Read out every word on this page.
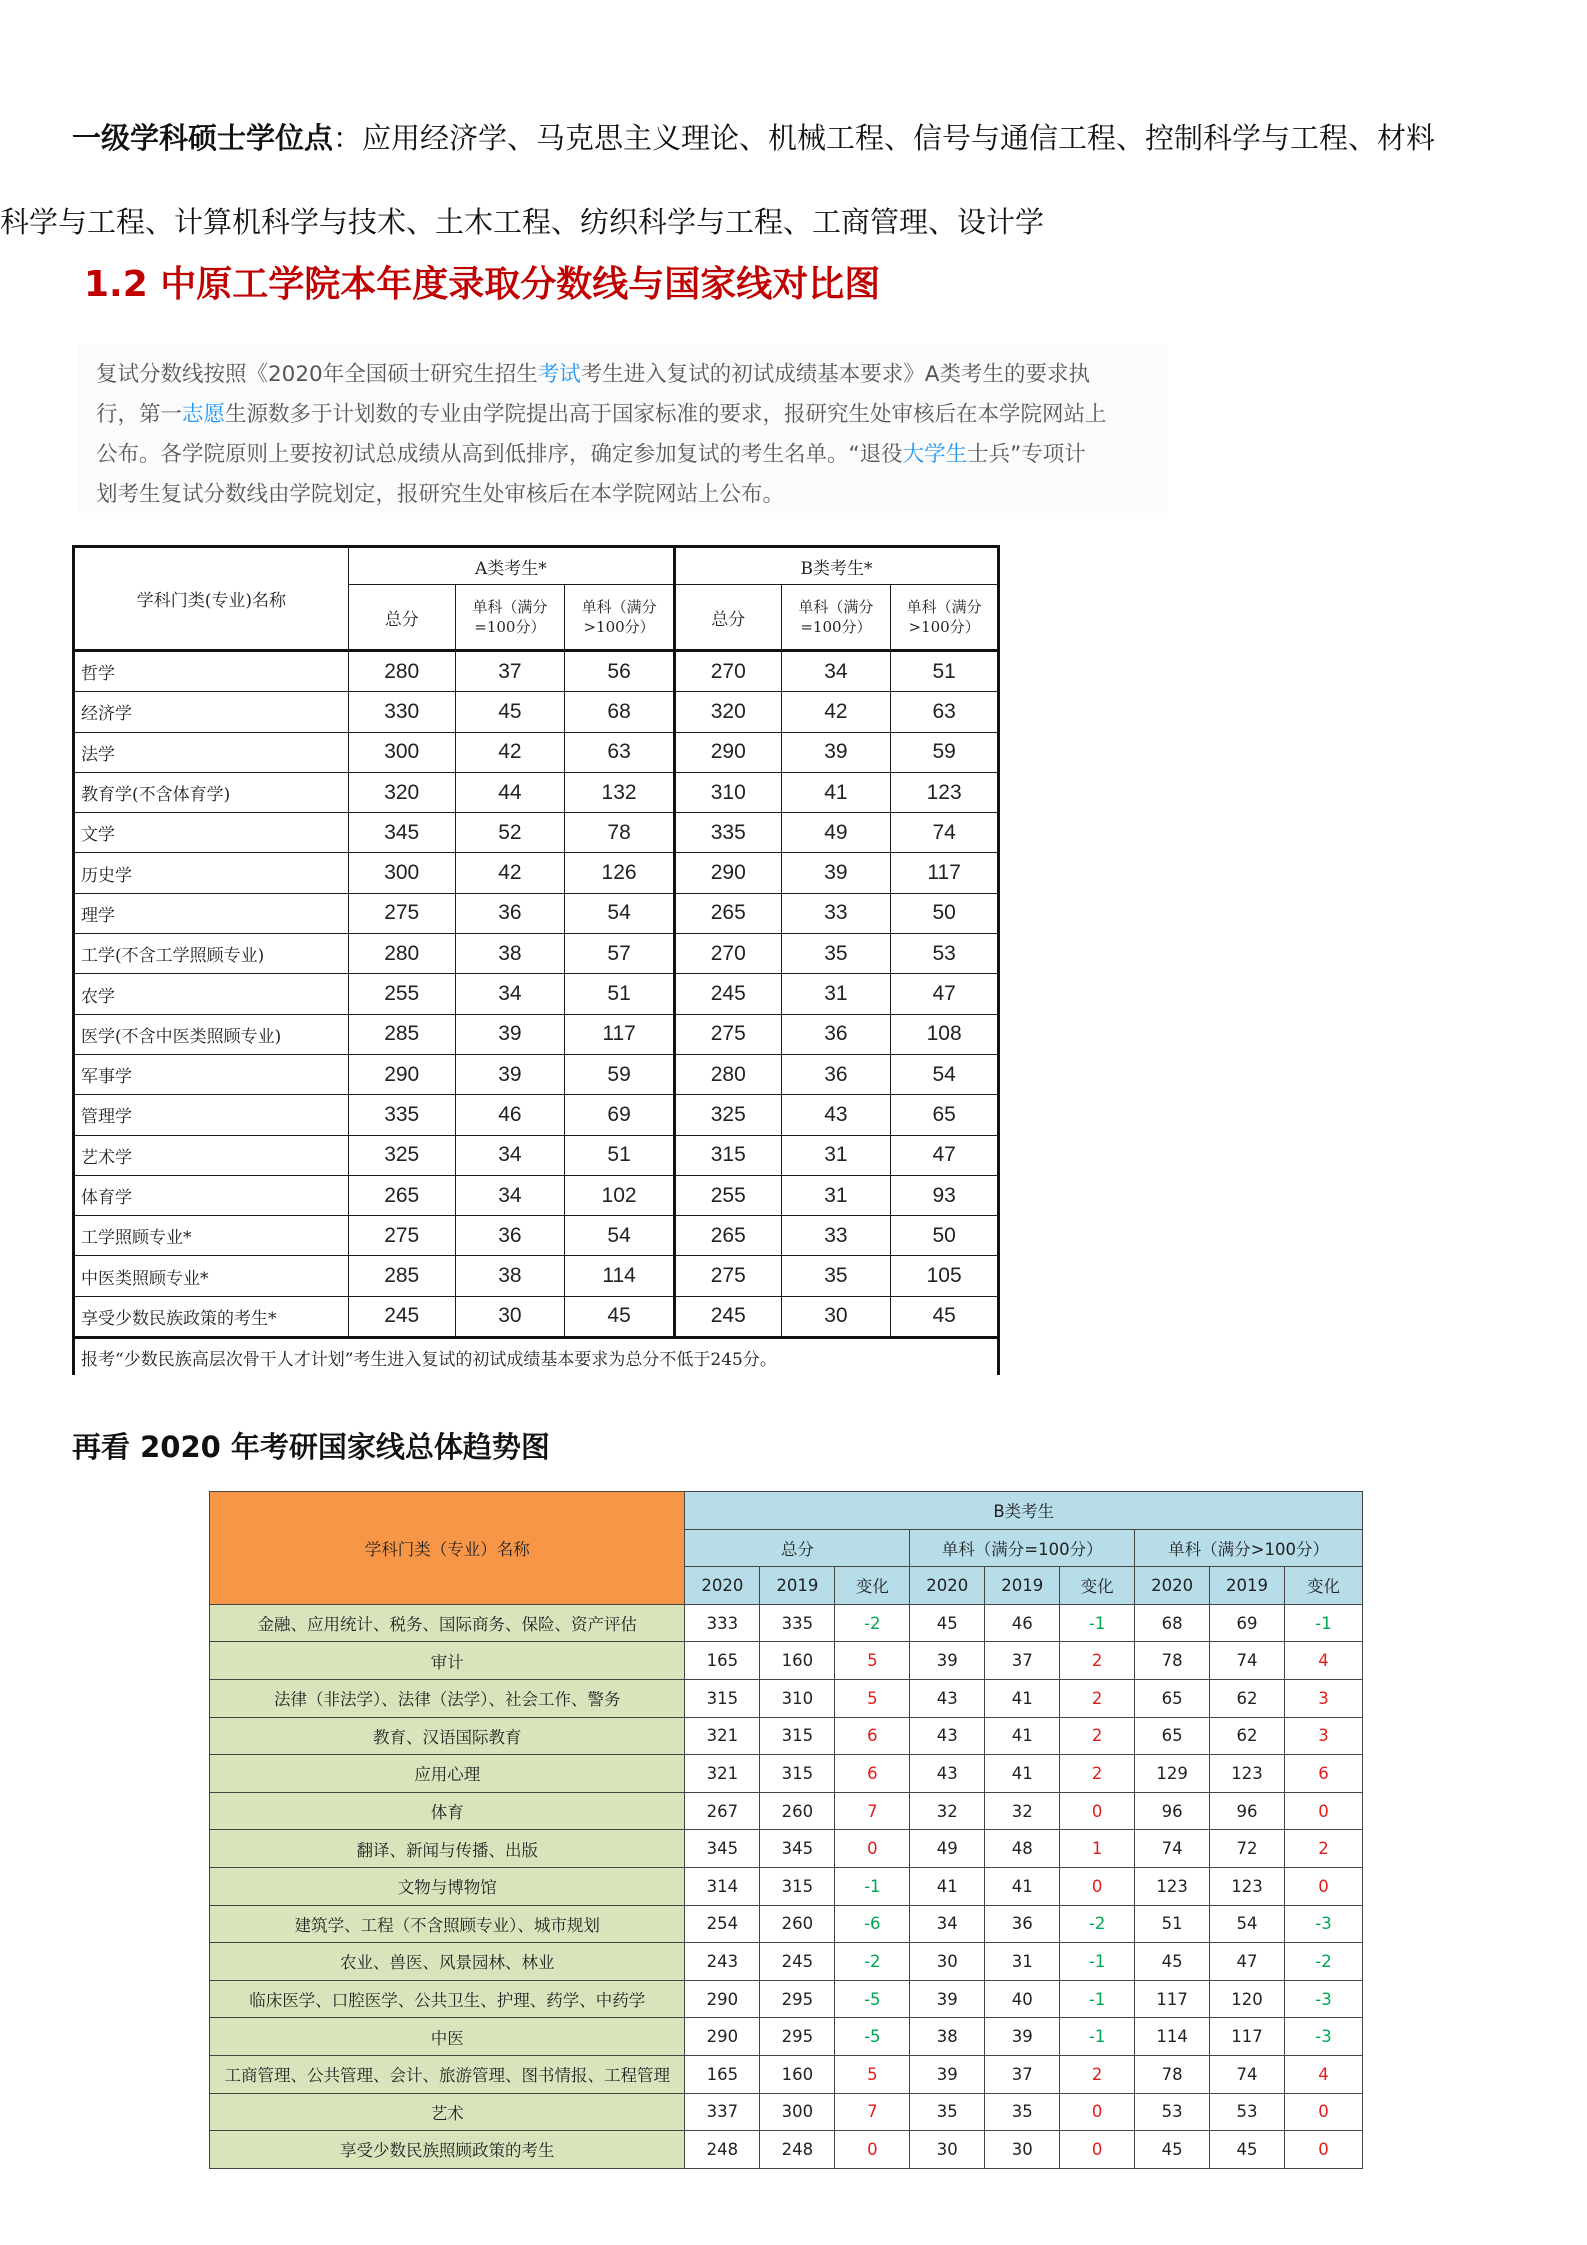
一级学科硕士学位点：应用经济学、马克思主义理论、机械工程、信号与通信工程、控制科学与工程、材料
科学与工程、计算机科学与技术、土木工程、纺织科学与工程、工商管理、设计学
1.2 中原工学院本年度录取分数线与国家线对比图
复试分数线按照《2020年全国硕士研究生招生考试考生进入复试的初试成绩基本要求》A类考生的要求执
行，第一志愿生源数多于计划数的专业由学院提出高于国家标准的要求，报研究生处审核后在本学院网站上
公布。各学院原则上要按初试总成绩从高到低排序，确定参加复试的考生名单。“退役大学生士兵”专项计
划考生复试分数线由学院划定，报研究生处审核后在本学院网站上公布。
学科门类(专业)名称	A类考生*			B类考生*		
	总分	单科（满分=100分）	单科（满分>100分）	总分	单科（满分=100分）	单科（满分>100分）
哲学	280	37	56	270	34	51
经济学	330	45	68	320	42	63
法学	300	42	63	290	39	59
教育学(不含体育学)	320	44	132	310	41	123
文学	345	52	78	335	49	74
历史学	300	42	126	290	39	117
理学	275	36	54	265	33	50
工学(不含工学照顾专业)	280	38	57	270	35	53
农学	255	34	51	245	31	47
医学(不含中医类照顾专业)	285	39	117	275	36	108
军事学	290	39	59	280	36	54
管理学	335	46	69	325	43	65
艺术学	325	34	51	315	31	47
体育学	265	34	102	255	31	93
工学照顾专业*	275	36	54	265	33	50
中医类照顾专业*	285	38	114	275	35	105
享受少数民族政策的考生*	245	30	45	245	30	45
报考“少数民族高层次骨干人才计划”考生进入复试的初试成绩基本要求为总分不低于245分。						
再看 2020 年考研国家线总体趋势图
学科门类（专业）名称	B类考生								
	总分			单科（满分=100分）			单科（满分>100分）		
	2020	2019	变化	2020	2019	变化	2020	2019	变化
金融、应用统计、税务、国际商务、保险、资产评估	333	335	-2	45	46	-1	68	69	-1
审计	165	160	5	39	37	2	78	74	4
法律（非法学）、法律（法学）、社会工作、警务	315	310	5	43	41	2	65	62	3
教育、汉语国际教育	321	315	6	43	41	2	65	62	3
应用心理	321	315	6	43	41	2	129	123	6
体育	267	260	7	32	32	0	96	96	0
翻译、新闻与传播、出版	345	345	0	49	48	1	74	72	2
文物与博物馆	314	315	-1	41	41	0	123	123	0
建筑学、工程（不含照顾专业）、城市规划	254	260	-6	34	36	-2	51	54	-3
农业、兽医、风景园林、林业	243	245	-2	30	31	-1	45	47	-2
临床医学、口腔医学、公共卫生、护理、药学、中药学	290	295	-5	39	40	-1	117	120	-3
中医	290	295	-5	38	39	-1	114	117	-3
工商管理、公共管理、会计、旅游管理、图书情报、工程管理	165	160	5	39	37	2	78	74	4
艺术	337	300	7	35	35	0	53	53	0
享受少数民族照顾政策的考生	248	248	0	30	30	0	45	45	0
